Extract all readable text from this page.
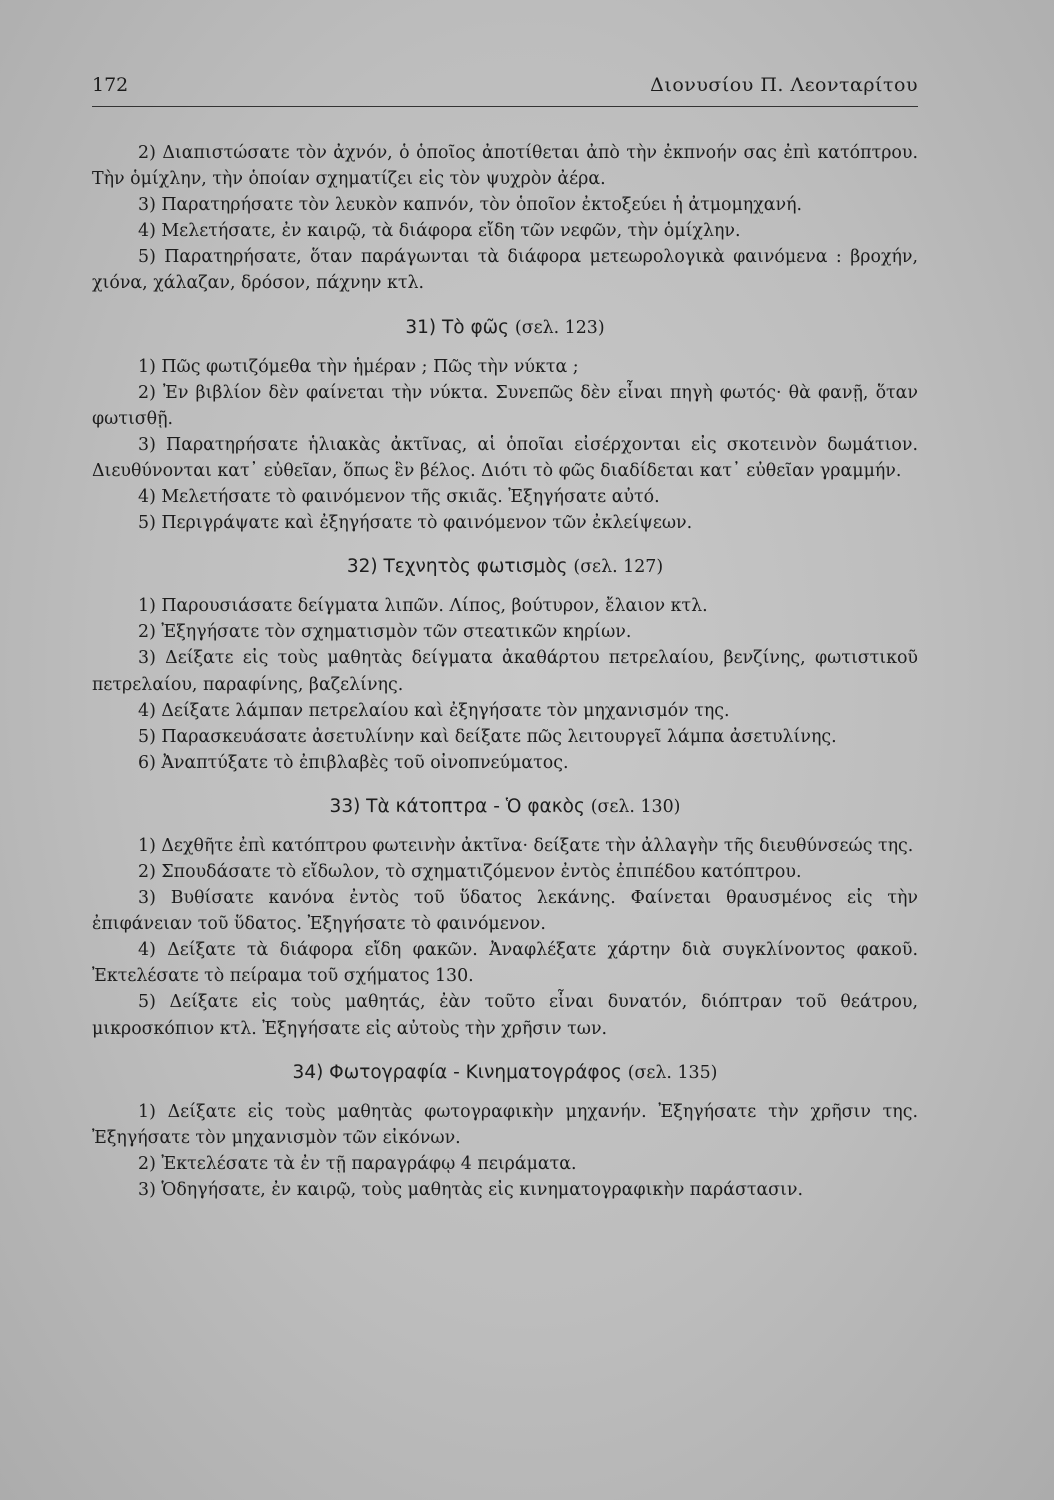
172	Διονυσίου Π. Λεονταρίτου

2) Διαπιστώσατε τὸν ἀχνόν, ὁ ὁποῖος ἀποτίθεται ἀπὸ τὴν ἐκπνοήν σας ἐπὶ κατόπτρου. Τὴν ὁμίχλην, τὴν ὁποίαν σχηματίζει εἰς τὸν ψυχρὸν ἀέρα.

3) Παρατηρήσατε τὸν λευκὸν καπνόν, τὸν ὁποῖον ἐκτοξεύει ἡ ἀτμομηχανή.

4) Μελετήσατε, ἐν καιρῷ, τὰ διάφορα εἴδη τῶν νεφῶν, τὴν ὁμίχλην.

5) Παρατηρήσατε, ὅταν παράγωνται τὰ διάφορα μετεωρολογικὰ φαινόμενα : βροχήν, χιόνα, χάλαζαν, δρόσον, πάχνην κτλ.

31) Τὸ φῶς (σελ. 123)

1) Πῶς φωτιζόμεθα τὴν ἡμέραν ; Πῶς τὴν νύκτα ;

2) Ἐν βιβλίον δὲν φαίνεται τὴν νύκτα. Συνεπῶς δὲν εἶναι πηγὴ φωτός· θὰ φανῇ, ὅταν φωτισθῇ.

3) Παρατηρήσατε ἡλιακὰς ἀκτῖνας, αἱ ὁποῖαι εἰσέρχονται εἰς σκοτεινὸν δωμάτιον. Διευθύνονται κατ᾽ εὐθεῖαν, ὅπως ἓν βέλος. Διότι τὸ φῶς διαδίδεται κατ᾽ εὐθεῖαν γραμμήν.

4) Μελετήσατε τὸ φαινόμενον τῆς σκιᾶς. Ἐξηγήσατε αὐτό.

5) Περιγράψατε καὶ ἐξηγήσατε τὸ φαινόμενον τῶν ἐκλείψεων.

32) Τεχνητὸς φωτισμὸς (σελ. 127)

1) Παρουσιάσατε δείγματα λιπῶν. Λίπος, βούτυρον, ἔλαιον κτλ.

2) Ἐξηγήσατε τὸν σχηματισμὸν τῶν στεατικῶν κηρίων.

3) Δείξατε εἰς τοὺς μαθητὰς δείγματα ἀκαθάρτου πετρελαίου, βενζίνης, φωτιστικοῦ πετρελαίου, παραφίνης, βαζελίνης.

4) Δείξατε λάμπαν πετρελαίου καὶ ἐξηγήσατε τὸν μηχανισμόν της.

5) Παρασκευάσατε ἀσετυλίνην καὶ δείξατε πῶς λειτουργεῖ λάμπα ἀσετυλίνης.

6) Ἀναπτύξατε τὸ ἐπιβλαβὲς τοῦ οἰνοπνεύματος.

33) Τὰ κάτοπτρα - Ὁ φακὸς (σελ. 130)

1) Δεχθῆτε ἐπὶ κατόπτρου φωτεινὴν ἀκτῖνα· δείξατε τὴν ἀλλαγὴν τῆς διευθύνσεώς της.

2) Σπουδάσατε τὸ εἴδωλον, τὸ σχηματιζόμενον ἐντὸς ἐπιπέδου κατόπτρου.

3) Βυθίσατε κανόνα ἐντὸς τοῦ ὕδατος λεκάνης. Φαίνεται θραυσμένος εἰς τὴν ἐπιφάνειαν τοῦ ὕδατος. Ἐξηγήσατε τὸ φαινόμενον.

4) Δείξατε τὰ διάφορα εἴδη φακῶν. Ἀναφλέξατε χάρτην διὰ συγκλίνοντος φακοῦ. Ἐκτελέσατε τὸ πείραμα τοῦ σχήματος 130.

5) Δείξατε εἰς τοὺς μαθητάς, ἐὰν τοῦτο εἶναι δυνατόν, διόπτραν τοῦ θεάτρου, μικροσκόπιον κτλ. Ἐξηγήσατε εἰς αὐτοὺς τὴν χρῆσιν των.

34) Φωτογραφία - Κινηματογράφος (σελ. 135)

1) Δείξατε εἰς τοὺς μαθητὰς φωτογραφικὴν μηχανήν. Ἐξηγήσατε τὴν χρῆσιν της. Ἐξηγήσατε τὸν μηχανισμὸν τῶν εἰκόνων.

2) Ἐκτελέσατε τὰ ἐν τῇ παραγράφῳ 4 πειράματα.

3) Ὁδηγήσατε, ἐν καιρῷ, τοὺς μαθητὰς εἰς κινηματογραφικὴν παράστασιν.
